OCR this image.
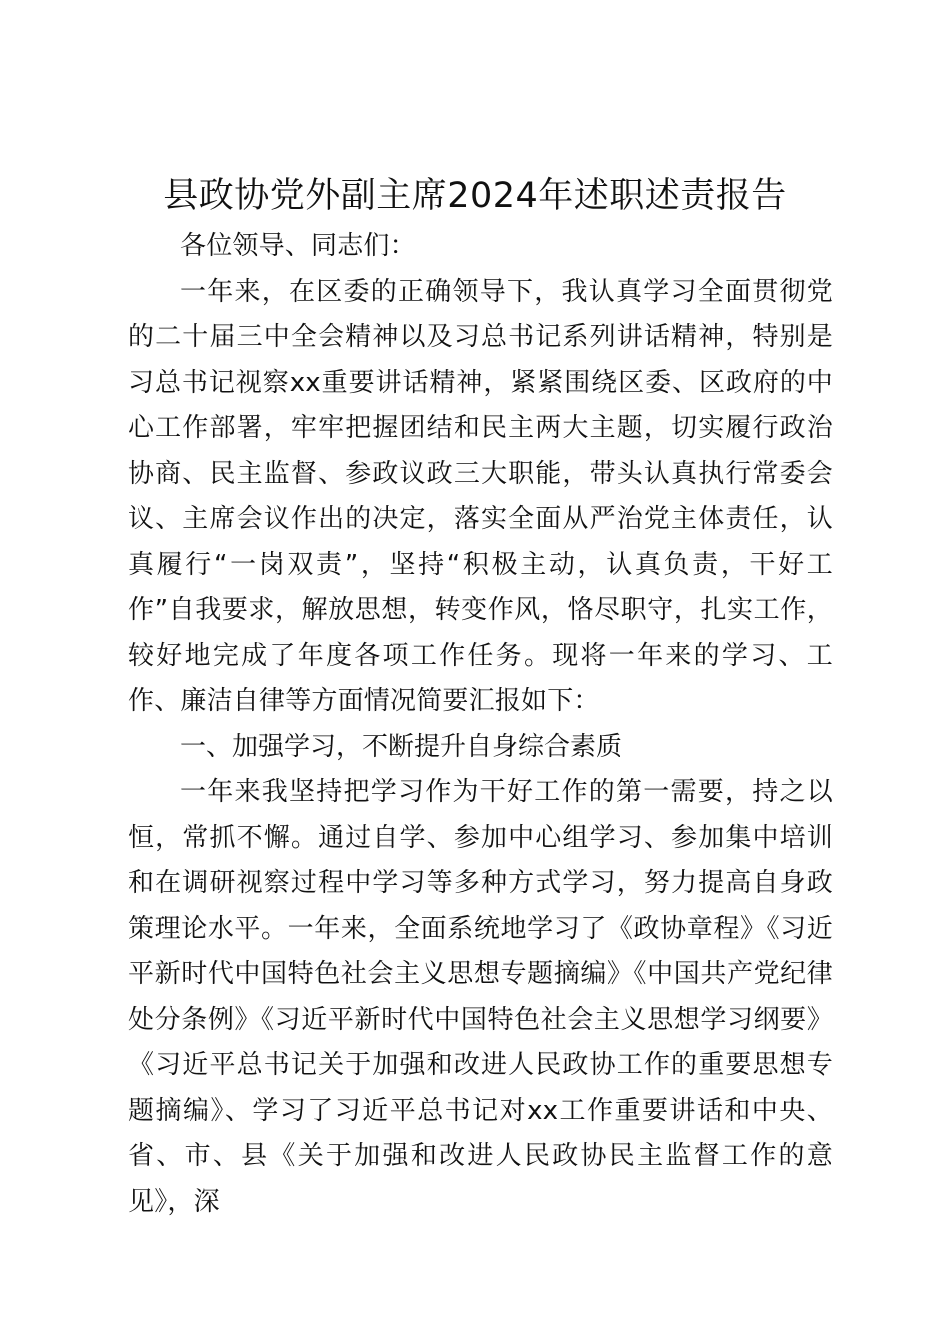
县政协党外副主席2024年述职述责报告

各位领导、同志们：

一年来，在区委的正确领导下，我认真学习全面贯彻党的二十届三中全会精神以及习总书记系列讲话精神，特别是习总书记视察xx重要讲话精神，紧紧围绕区委、区政府的中心工作部署，牢牢把握团结和民主两大主题，切实履行政治协商、民主监督、参政议政三大职能，带头认真执行常委会议、主席会议作出的决定，落实全面从严治党主体责任，认真履行“一岗双责”，坚持“积极主动，认真负责，干好工作”自我要求，解放思想，转变作风，恪尽职守，扎实工作，较好地完成了年度各项工作任务。现将一年来的学习、工作、廉洁自律等方面情况简要汇报如下：

一、加强学习，不断提升自身综合素质

一年来我坚持把学习作为干好工作的第一需要，持之以恒，常抓不懈。通过自学、参加中心组学习、参加集中培训和在调研视察过程中学习等多种方式学习，努力提高自身政策理论水平。一年来，全面系统地学习了《政协章程》《习近平新时代中国特色社会主义思想专题摘编》《中国共产党纪律处分条例》《习近平新时代中国特色社会主义思想学习纲要》《习近平总书记关于加强和改进人民政协工作的重要思想专题摘编》、学习了习近平总书记对xx工作重要讲话和中央、省、市、县《关于加强和改进人民政协民主监督工作的意见》，深
